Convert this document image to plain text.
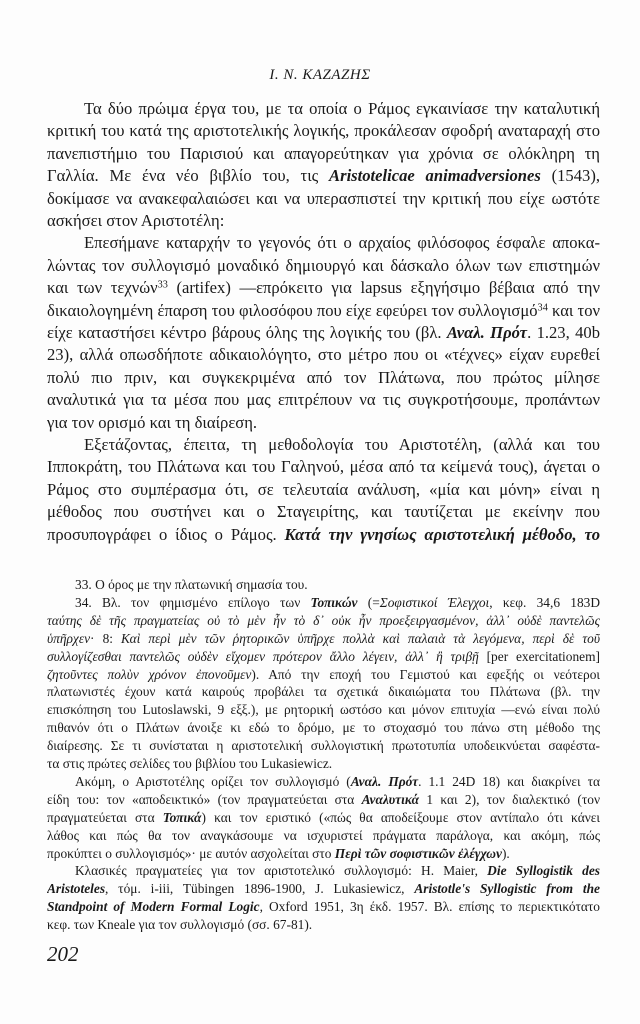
I. N. ΚΑΖΑΖΗΣ
Τα δύο πρώιμα έργα του, με τα οποία ο Ράμος εγκαινίασε την καταλυτική
κριτική του κατά της αριστοτελικής λογικής, προκάλεσαν σφοδρή αναταραχή στο
πανεπιστήμιο του Παρισιού και απαγορεύτηκαν για χρόνια σε ολόκληρη τη
Γαλλία. Με ένα νέο βιβλίο του, τις Aristotelicae animadversiones (1543),
δοκίμασε να ανακεφαλαιώσει και να υπερασπιστεί την κριτική που είχε ωστότε
ασκήσει στον Αριστοτέλη:
Επεσήμανε καταρχήν το γεγονός ότι ο αρχαίος φιλόσοφος έσφαλε αποκα-
λώντας τον συλλογισμό μοναδικό δημιουργό και δάσκαλο όλων των επιστημών
και των τεχνών$^{33}$ (artifex) —επρόκειτο για lapsus εξηγήσιμο βέβαια από την
δικαιολογημένη έπαρση του φιλοσόφου που είχε εφεύρει τον συλλογισμό$^{34}$ και τον
είχε καταστήσει κέντρο βάρους όλης της λογικής του (βλ. Αναλ. Πρότ. 1.23, 40b
23), αλλά οπωσδήποτε αδικαιολόγητο, στο μέτρο που οι «τέχνες» είχαν ευρεθεί
πολύ πιο πριν, και συγκεκριμένα από τον Πλάτωνα, που πρώτος μίλησε
αναλυτικά για τα μέσα που μας επιτρέπουν να τις συγκροτήσουμε, προπάντων
για τον ορισμό και τη διαίρεση.
Εξετάζοντας, έπειτα, τη μεθοδολογία του Αριστοτέλη, (αλλά και του
Ιπποκράτη, του Πλάτωνα και του Γαληνού, μέσα από τα κείμενά τους), άγεται ο
Ράμος στο συμπέρασμα ότι, σε τελευταία ανάλυση, «μία και μόνη» είναι η
μέθοδος που συστήνει και ο Σταγειρίτης, και ταυτίζεται με εκείνην που
προσυπογράφει ο ίδιος ο Ράμος. Κατά την γνησίως αριστοτελική μέθοδο, το
33. Ο όρος με την πλατωνική σημασία του.
34. Βλ. τον φημισμένο επίλογο των Τοπικών (=Σοφιστικοί Έλεγχοι, κεφ. 34,6 183D
ταύτης δὲ τῆς πραγματείας οὐ τὸ μὲν ἦν τὸ δ᾽ οὐκ ἦν προεξειργασμένον, ἀλλ᾽ οὐδὲ παντελῶς
ὑπῆρχεν· 8: Καὶ περὶ μὲν τῶν ῥητορικῶν ὑπῆρχε πολλὰ καὶ παλαιὰ τὰ λεγόμενα, περὶ δὲ τοῦ
συλλογίζεσθαι παντελῶς οὐδὲν εἴχομεν πρότερον ἄλλο λέγειν, ἀλλ᾽ ἢ τριβῇ [per exercitationem]
ζητοῦντες πολὺν χρόνον ἐπονοῦμεν). Από την εποχή του Γεμιστού και εφεξής οι νεότεροι
πλατωνιστές έχουν κατά καιρούς προβάλει τα σχετικά δικαιώματα του Πλάτωνα (βλ. την
επισκόπηση του Lutoslawski, 9 εξξ.), με ρητορική ωστόσο και μόνον επιτυχία —ενώ είναι πολύ
πιθανόν ότι ο Πλάτων άνοιξε κι εδώ το δρόμο, με το στοχασμό του πάνω στη μέθοδο της
διαίρεσης. Σε τι συνίσταται η αριστοτελική συλλογιστική πρωτοτυπία υποδεικνύεται σαφέστα-
τα στις πρώτες σελίδες του βιβλίου του Lukasiewicz.
Ακόμη, ο Αριστοτέλης ορίζει τον συλλογισμό (Αναλ. Πρότ. 1.1 24D 18) και διακρίνει τα
είδη του: τον «αποδεικτικό» (τον πραγματεύεται στα Αναλυτικά 1 και 2), τον διαλεκτικό (τον
πραγματεύεται στα Τοπικά) και τον εριστικό («πώς θα αποδείξουμε στον αντίπαλο ότι κάνει
λάθος και πώς θα τον αναγκάσουμε να ισχυριστεί πράγματα παράλογα, και ακόμη, πώς
προκύπτει ο συλλογισμός»· με αυτόν ασχολείται στο Περὶ τῶν σοφιστικῶν ἐλέγχων).
Κλασικές πραγματείες για τον αριστοτελικό συλλογισμό: H. Maier, Die Syllogistik des
Aristoteles, τόμ. i-iii, Tübingen 1896-1900, J. Lukasiewicz, Aristotle's Syllogistic from the
Standpoint of Modern Formal Logic, Oxford 1951, 3η έκδ. 1957. Βλ. επίσης το περιεκτικότατο
κεφ. των Kneale για τον συλλογισμό (σσ. 67-81).
202
